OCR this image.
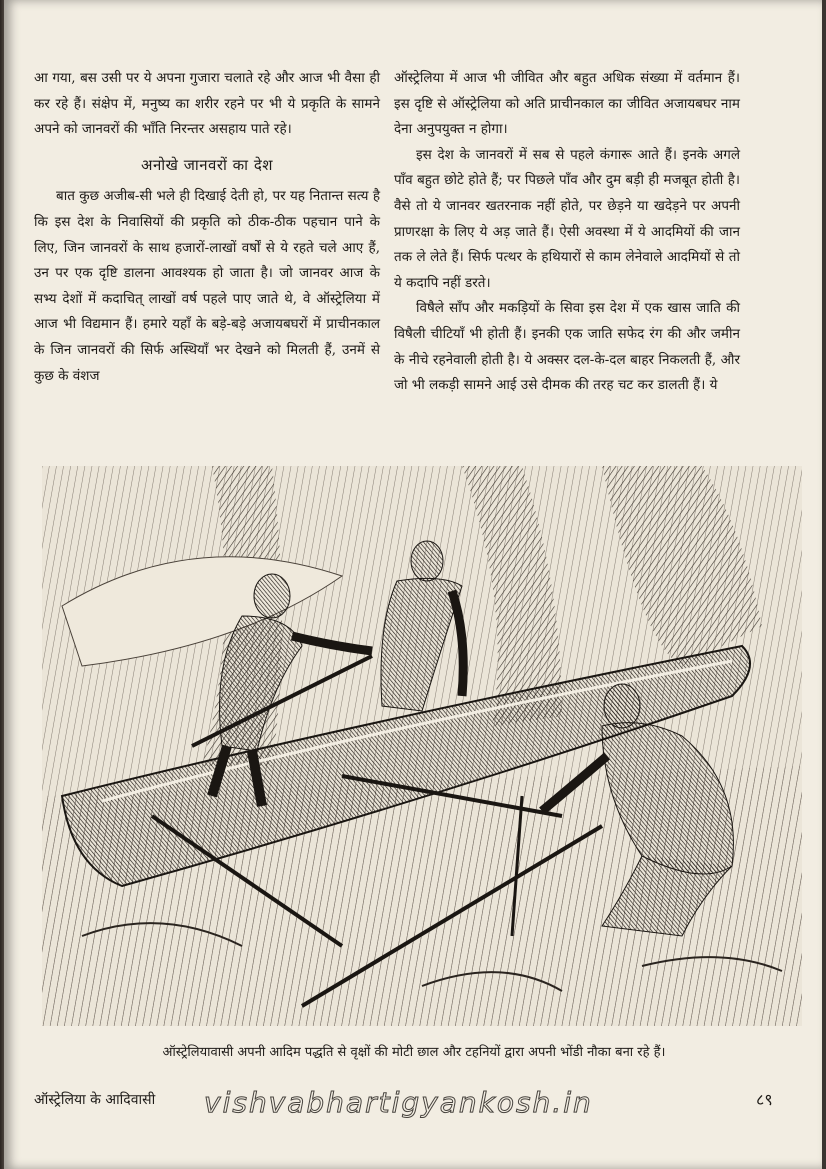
आ गया, बस उसी पर ये अपना गुजारा चलाते रहे और आज भी वैसा ही कर रहे हैं। संक्षेप में, मनुष्य का शरीर रहने पर भी ये प्रकृति के सामने अपने को जानवरों की भाँति निरन्तर असहाय पाते रहे।

अनोखे जानवरों का देश

बात कुछ अजीब-सी भले ही दिखाई देती हो, पर यह नितान्त सत्य है कि इस देश के निवासियों की प्रकृति को ठीक-ठीक पहचान पाने के लिए, जिन जानवरों के साथ हजारों-लाखों वर्षों से ये रहते चले आए हैं, उन पर एक दृष्टि डालना आवश्यक हो जाता है। जो जानवर आज के सभ्य देशों में कदाचित् लाखों वर्ष पहले पाए जाते थे, वे ऑस्ट्रेलिया में आज भी विद्यमान हैं। हमारे यहाँ के बड़े-बड़े अजायबघरों में प्राचीनकाल के जिन जानवरों की सिर्फ अस्थियाँ भर देखने को मिलती हैं, उनमें से कुछ के वंशज

ऑस्ट्रेलिया में आज भी जीवित और बहुत अधिक संख्या में वर्तमान हैं। इस दृष्टि से ऑस्ट्रेलिया को अति प्राचीनकाल का जीवित अजायबघर नाम देना अनुपयुक्त न होगा।

इस देश के जानवरों में सब से पहले कंगारू आते हैं। इनके अगले पाँव बहुत छोटे होते हैं; पर पिछले पाँव और दुम बड़ी ही मजबूत होती है। वैसे तो ये जानवर खतरनाक नहीं होते, पर छेड़ने या खदेड़ने पर अपनी प्राणरक्षा के लिए ये अड़ जाते हैं। ऐसी अवस्था में ये आदमियों की जान तक ले लेते हैं। सिर्फ पत्थर के हथियारों से काम लेनेवाले आदमियों से तो ये कदापि नहीं डरते।

विषैले साँप और मकड़ियों के सिवा इस देश में एक खास जाति की विषैली चीटियाँ भी होती हैं। इनकी एक जाति सफेद रंग की और जमीन के नीचे रहनेवाली होती है। ये अक्सर दल-के-दल बाहर निकलती हैं, और जो भी लकड़ी सामने आई उसे दीमक की तरह चट कर डालती हैं। ये

ऑस्ट्रेलियावासी अपनी आदिम पद्धति से वृक्षों की मोटी छाल और टहनियों द्वारा अपनी भोंडी नौका बना रहे हैं।
ऑस्ट्रेलिया के आदिवासी vishvabhartigyankosh.in	८९
